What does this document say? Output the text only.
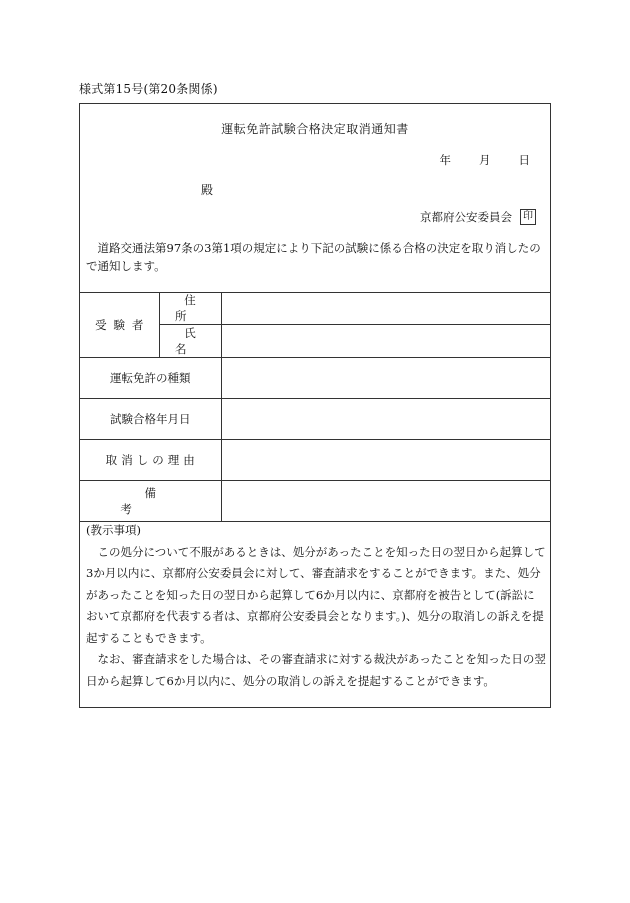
様式第15号(第20条関係)
運転免許試験合格決定取消通知書
年 月 日
殿
京都府公安委員会	印
道路交通法第97条の3第1項の規定により下記の試験に係る合格の決定を取り消したので通知します。
受験者	住所	
	氏名	
運転免許の種類		
試験合格年月日		
取消しの理由		
備考		

(教示事項)

この処分について不服があるときは、処分があったことを知った日の翌日から起算して3か月以内に、京都府公安委員会に対して、審査請求をすることができます。また、処分があったことを知った日の翌日から起算して6か月以内に、京都府を被告として(訴訟において京都府を代表する者は、京都府公安委員会となります。)、処分の取消しの訴えを提起することもできます。

なお、審査請求をした場合は、その審査請求に対する裁決があったことを知った日の翌日から起算して6か月以内に、処分の取消しの訴えを提起することができます。
